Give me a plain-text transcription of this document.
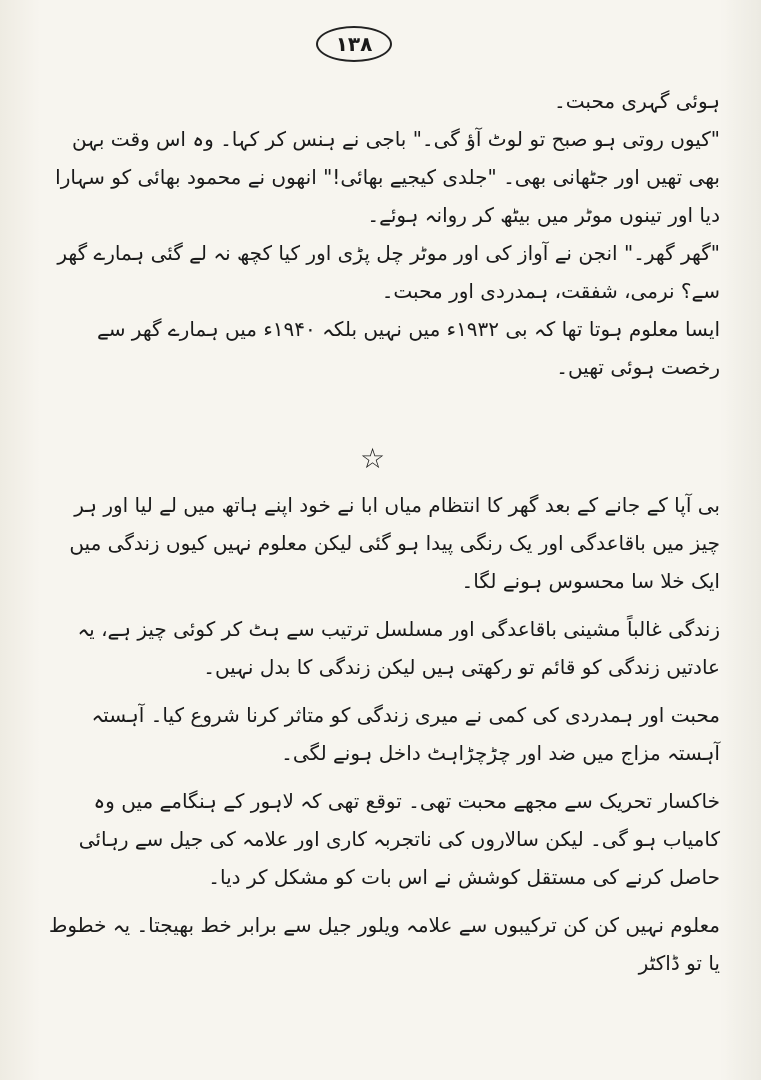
۱۳۸

ہوئی گہری محبت۔

"کیوں روتی ہو صبح تو لوٹ آؤ گی۔" باجی نے ہنس کر کہا۔ وہ اس وقت بہن بھی تھیں اور جٹھانی بھی۔ "جلدی کیجیے بھائی!" انھوں نے محمود بھائی کو سہارا دیا اور تینوں موٹر میں بیٹھ کر روانہ ہوئے۔

"گھر گھر۔" انجن نے آواز کی اور موٹر چل پڑی اور کیا کچھ نہ لے گئی ہمارے گھر سے؟ نرمی، شفقت، ہمدردی اور محبت۔

ایسا معلوم ہوتا تھا کہ بی ۱۹۳۲ء میں نہیں بلکہ ۱۹۴۰ء میں ہمارے گھر سے رخصت ہوئی تھیں۔

☆

بی آپا کے جانے کے بعد گھر کا انتظام میاں ابا نے خود اپنے ہاتھ میں لے لیا اور ہر چیز میں باقاعدگی اور یک رنگی پیدا ہو گئی لیکن معلوم نہیں کیوں زندگی میں ایک خلا سا محسوس ہونے لگا۔

زندگی غالباً مشینی باقاعدگی اور مسلسل ترتیب سے ہٹ کر کوئی چیز ہے، یہ عادتیں زندگی کو قائم تو رکھتی ہیں لیکن زندگی کا بدل نہیں۔

محبت اور ہمدردی کی کمی نے میری زندگی کو متاثر کرنا شروع کیا۔ آہستہ آہستہ مزاج میں ضد اور چڑچڑاہٹ داخل ہونے لگی۔

خاکسار تحریک سے مجھے محبت تھی۔ توقع تھی کہ لاہور کے ہنگامے میں وہ کامیاب ہو گی۔ لیکن سالاروں کی ناتجربہ کاری اور علامہ کی جیل سے رہائی حاصل کرنے کی مستقل کوشش نے اس بات کو مشکل کر دیا۔

معلوم نہیں کن کن ترکیبوں سے علامہ ویلور جیل سے برابر خط بھیجتا۔ یہ خطوط یا تو ڈاکٹر
